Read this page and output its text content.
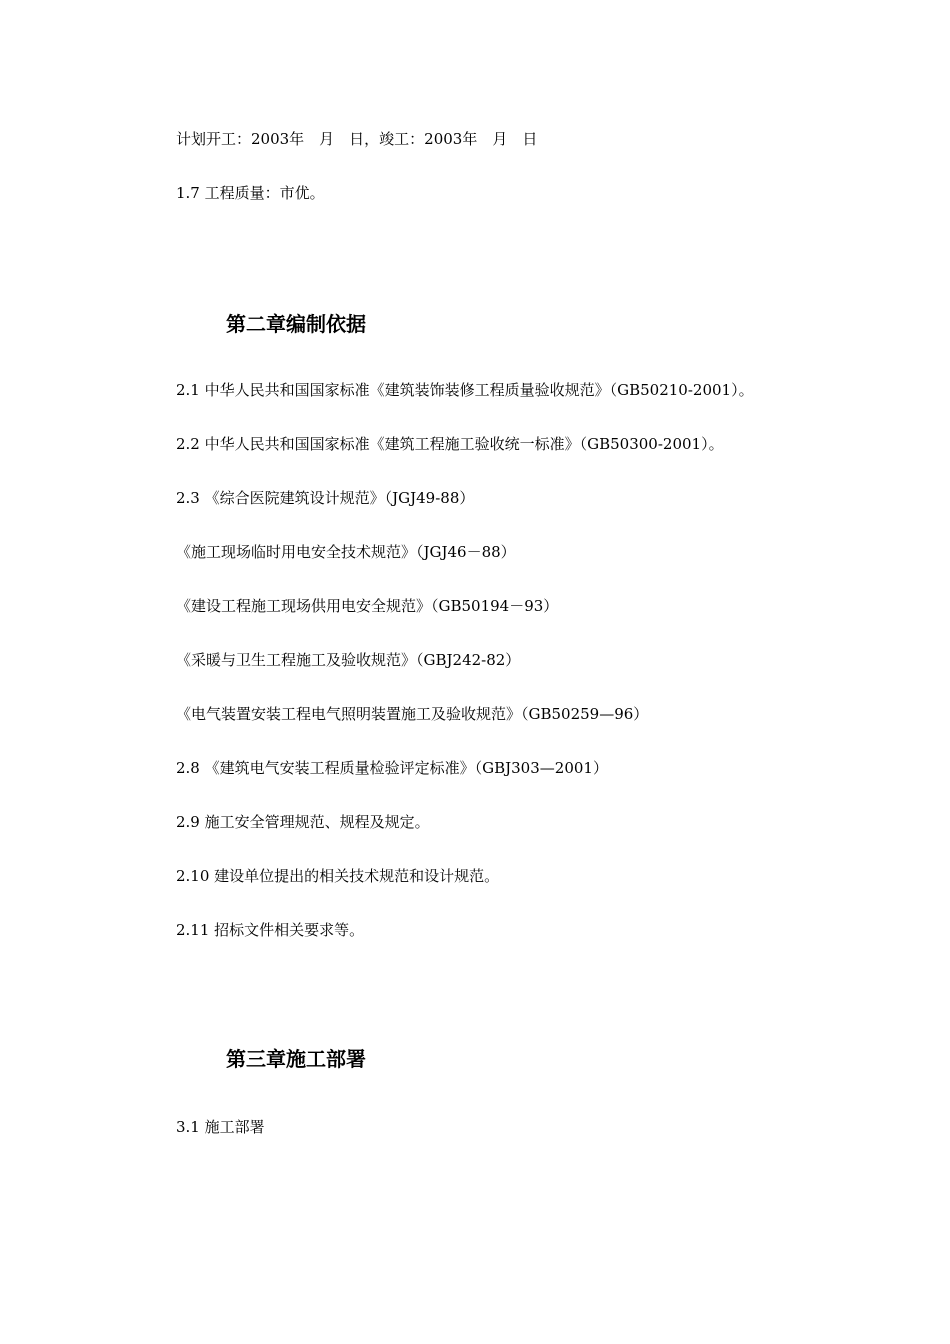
计划开工：2003年　月　日，竣工：2003年　月　日
1.7 工程质量：市优。
第二章编制依据
2.1 中华人民共和国国家标准《建筑装饰装修工程质量验收规范》（GB50210-2001）。
2.2 中华人民共和国国家标准《建筑工程施工验收统一标准》（GB50300-2001）。
2.3 《综合医院建筑设计规范》（JGJ49-88）
《施工现场临时用电安全技术规范》（JGJ46－88）
《建设工程施工现场供用电安全规范》（GB50194－93）
《采暖与卫生工程施工及验收规范》（GBJ242-82）
《电气装置安装工程电气照明装置施工及验收规范》（GB50259—96）
2.8 《建筑电气安装工程质量检验评定标准》（GBJ303—2001）
2.9 施工安全管理规范、规程及规定。
2.10 建设单位提出的相关技术规范和设计规范。
2.11 招标文件相关要求等。
第三章施工部署
3.1 施工部署
